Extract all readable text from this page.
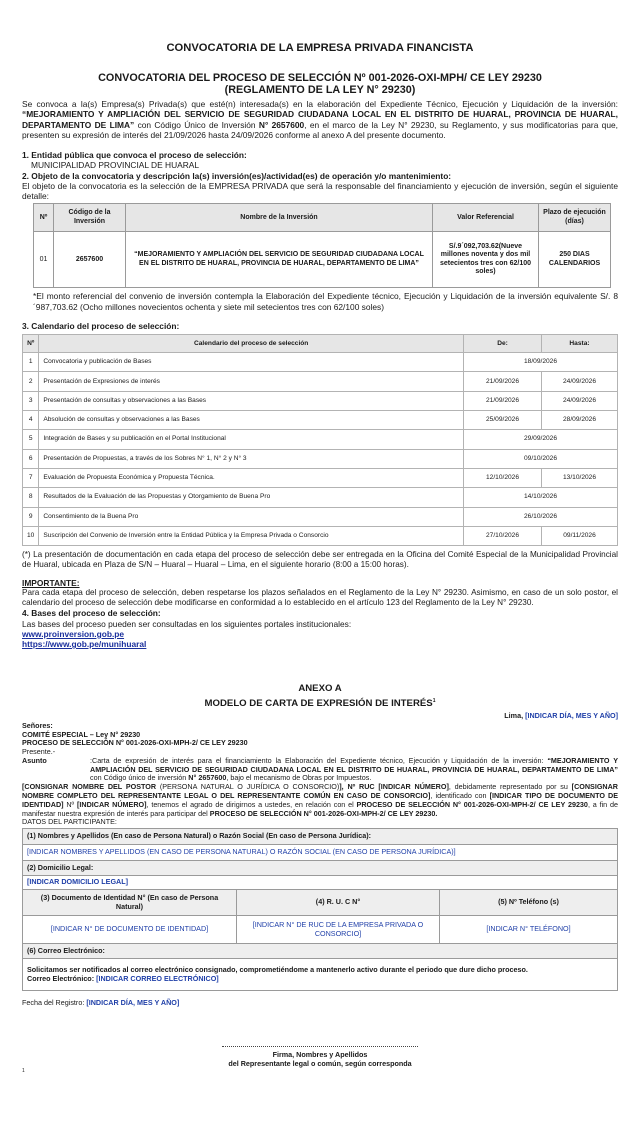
CONVOCATORIA DE LA EMPRESA PRIVADA FINANCISTA
CONVOCATORIA DEL PROCESO DE SELECCIÓN Nº 001-2026-OXI-MPH/ CE LEY 29230
(REGLAMENTO DE LA LEY N° 29230)

Se convoca a la(s) Empresa(s) Privada(s) que esté(n) interesada(s) en la elaboración del Expediente Técnico, Ejecución y Liquidación de la inversión: “MEJORAMIENTO Y AMPLIACIÓN DEL SERVICIO DE SEGURIDAD CIUDADANA LOCAL EN EL DISTRITO DE HUARAL, PROVINCIA DE HUARAL, DEPARTAMENTO DE LIMA” con Código Único de Inversión N° 2657600, en el marco de la Ley N° 29230, su Reglamento, y sus modificatorias para que, presenten su expresión de interés del 21/09/2026 hasta 24/09/2026 conforme al anexo A del presente documento.

1. Entidad pública que convoca el proceso de selección:
MUNICIPALIDAD PROVINCIAL DE HUARAL
2. Objeto de la convocatoria y descripción la(s) inversión(es)/actividad(es) de operación y/o mantenimiento:

El objeto de la convocatoria es la selección de la EMPRESA PRIVADA que será la responsable del financiamiento y ejecución de inversión, según el siguiente detalle:

Nº	Código de la Inversión	Nombre de la Inversión	Valor Referencial	Plazo de ejecución (días)
01	2657600	“MEJORAMIENTO Y AMPLIACIÓN DEL SERVICIO DE SEGURIDAD CIUDADANA LOCAL EN EL DISTRITO DE HUARAL, PROVINCIA DE HUARAL, DEPARTAMENTO DE LIMA”	S/.9´092,703.62(Nueve millones noventa y dos mil setecientos tres con 62/100 soles)	250 DIAS CALENDARIOS

*El monto referencial del convenio de inversión contempla la Elaboración del Expediente técnico, Ejecución y Liquidación de la inversión equivalente S/. 8´987,703.62 (Ocho millones novecientos ochenta y siete mil setecientos tres con 62/100 soles)

3. Calendario del proceso de selección:
Nº	Calendario del proceso de selección	De:	Hasta:
1	Convocatoria y publicación de Bases	18/09/2026	
2	Presentación de Expresiones de interés	21/09/2026	24/09/2026
3	Presentación de consultas y observaciones a las Bases	21/09/2026	24/09/2026
4	Absolución de consultas y observaciones a las Bases	25/09/2026	28/09/2026
5	Integración de Bases y su publicación en el Portal Institucional	29/09/2026	
6	Presentación de Propuestas, a través de los Sobres N° 1, N° 2 y N° 3	09/10/2026	
7	Evaluación de Propuesta Económica y Propuesta Técnica.	12/10/2026	13/10/2026
8	Resultados de la Evaluación de las Propuestas y Otorgamiento de Buena Pro	14/10/2026	
9	Consentimiento de la Buena Pro	26/10/2026	
10	Suscripción del Convenio de Inversión entre la Entidad Pública y la Empresa Privada o Consorcio	27/10/2026	09/11/2026

(*) La presentación de documentación en cada etapa del proceso de selección debe ser entregada en la Oficina del Comité Especial de la Municipalidad Provincial de Huaral, ubicada en Plaza de S/N – Huaral – Huaral – Lima, en el siguiente horario (8:00 a 15:00 horas).

IMPORTANTE:

Para cada etapa del proceso de selección, deben respetarse los plazos señalados en el Reglamento de la Ley N° 29230. Asimismo, en caso de un solo postor, el calendario del proceso de selección debe modificarse en conformidad a lo establecido en el artículo 123 del Reglamento de la Ley N° 29230.

4. Bases del proceso de selección:
Las bases del proceso pueden ser consultadas en los siguientes portales institucionales:
www.proinversion.gob.pe
https://www.gob.pe/munihuaral
ANEXO A
MODELO DE CARTA DE EXPRESIÓN DE INTERÉS$^1$
Lima, [INDICAR DÍA, MES Y AÑO]
Señores:
COMITÉ ESPECIAL – Ley N° 29230
PROCESO DE SELECCIÓN N° 001-2026-OXI-MPH-2/ CE LEY 29230
Presente.-
Asunto	:Carta de expresión de interés para el financiamiento la Elaboración del Expediente técnico, Ejecución y Liquidación de la inversión: “MEJORAMIENTO Y AMPLIACIÓN DEL SERVICIO DE SEGURIDAD CIUDADANA LOCAL EN EL DISTRITO DE HUARAL, PROVINCIA DE HUARAL, DEPARTAMENTO DE LIMA” con Código único de inversión N° 2657600, bajo el mecanismo de Obras por Impuestos.

[CONSIGNAR NOMBRE DEL POSTOR (PERSONA NATURAL O JURÍDICA O CONSORCIO)], Nº RUC [INDICAR NÚMERO], debidamente representado por su [CONSIGNAR NOMBRE COMPLETO DEL REPRESENTANTE LEGAL O DEL REPRESENTANTE COMÚN EN CASO DE CONSORCIO], identificado con [INDICAR TIPO DE DOCUMENTO DE IDENTIDAD] Nº [INDICAR NÚMERO], tenemos el agrado de dirigirnos a ustedes, en relación con el PROCESO DE SELECCIÓN N° 001-2026-OXI-MPH-2/ CE LEY 29230, a fin de manifestar nuestra expresión de interés para participar del PROCESO DE SELECCIÓN N° 001-2026-OXI-MPH-2/ CE LEY 29230.

DATOS DEL PARTICIPANTE:
(1) Nombres y Apellidos (En caso de Persona Natural) o Razón Social (En caso de Persona Jurídica):		
[INDICAR NOMBRES Y APELLIDOS (EN CASO DE PERSONA NATURAL) O RAZÓN SOCIAL (EN CASO DE PERSONA JURÍDICA)]		
(2) Domicilio Legal:		
[INDICAR DOMICILIO LEGAL]		
(3) Documento de Identidad N° (En caso de Persona Natural)	(4) R. U. C N°	(5) Nº Teléfono (s)
[INDICAR N° DE DOCUMENTO DE IDENTIDAD]	[INDICAR N° DE RUC DE LA EMPRESA PRIVADA O CONSORCIO]	[INDICAR N° TELÉFONO]
(6) Correo Electrónico:		

Solicitamos ser notificados al correo electrónico consignado, comprometiéndome a mantenerlo activo durante el periodo que dure dicho proceso.
Correo Electrónico: [INDICAR CORREO ELECTRÓNICO]		
Fecha del Registro: [INDICAR DÍA, MES Y AÑO]
Firma, Nombres y Apellidos
del Representante legal o común, según corresponda
1
